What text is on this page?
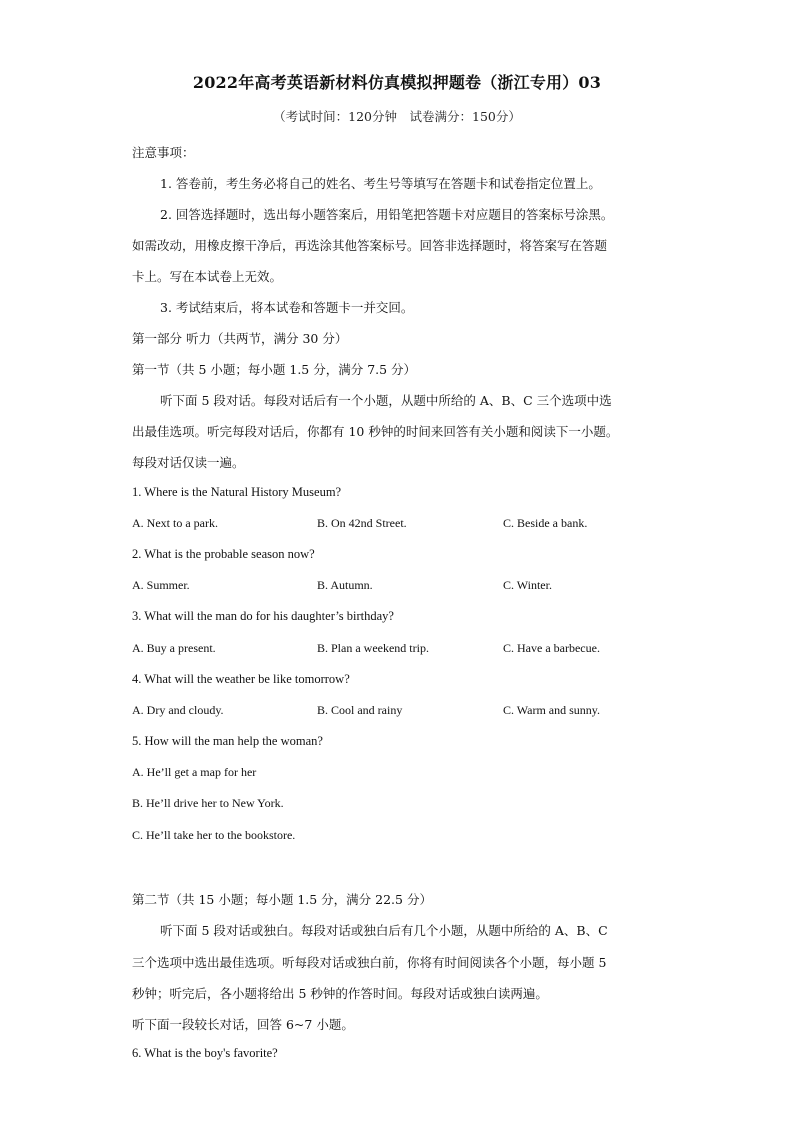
2022年高考英语新材料仿真模拟押题卷（浙江专用）03
（考试时间：120分钟　试卷满分：150分）
注意事项：
1. 答卷前，考生务必将自己的姓名、考生号等填写在答题卡和试卷指定位置上。
2. 回答选择题时，选出每小题答案后，用铅笔把答题卡对应题目的答案标号涂黑。
如需改动，用橡皮擦干净后，再选涂其他答案标号。回答非选择题时，将答案写在答题
卡上。写在本试卷上无效。
3. 考试结束后，将本试卷和答题卡一并交回。
第一部分 听力（共两节，满分 30 分）
第一节（共 5 小题；每小题 1.5 分，满分 7.5 分）
听下面 5 段对话。每段对话后有一个小题，从题中所给的 A、B、C 三个选项中选
出最佳选项。听完每段对话后，你都有 10 秒钟的时间来回答有关小题和阅读下一小题。
每段对话仅读一遍。
1. Where is the Natural History Museum?
A. Next to a park.	B. On 42nd Street.	C. Beside a bank.
2. What is the probable season now?
A. Summer.	B. Autumn.	C. Winter.
3. What will the man do for his daughter’s birthday?
A. Buy a present.	B. Plan a weekend trip.	C. Have a barbecue.
4. What will the weather be like tomorrow?
A. Dry and cloudy.	B. Cool and rainy	C. Warm and sunny.
5. How will the man help the woman?
A. He’ll get a map for her
B. He’ll drive her to New York.
C. He’ll take her to the bookstore.
第二节（共 15 小题；每小题 1.5 分，满分 22.5 分）
听下面 5 段对话或独白。每段对话或独白后有几个小题，从题中所给的 A、B、C
三个选项中选出最佳选项。听每段对话或独白前，你将有时间阅读各个小题，每小题 5
秒钟；听完后，各小题将给出 5 秒钟的作答时间。每段对话或独白读两遍。
听下面一段较长对话，回答 6~7 小题。
6. What is the boy's favorite?
